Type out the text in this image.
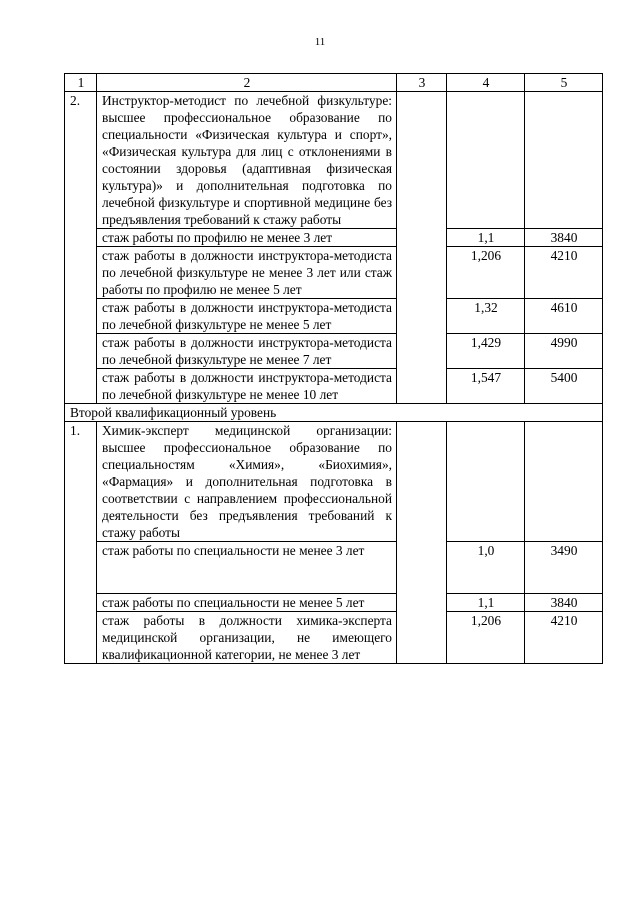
11
1	2	3	4	5
2.	Инструктор-методист по лечебной физкультуре: высшее профессиональное образование по специальности «Физическая культура и спорт», «Физическая культура для лиц с отклонениями в состоянии здоровья (адаптивная физическая культура)» и дополнительная подготовка по лечебной физкультуре и спортивной медицине без предъявления требований к стажу работы			
	стаж работы по профилю не менее 3 лет		1,1	3840
	стаж работы в должности инструктора-методиста по лечебной физкультуре не менее 3 лет или стаж работы по профилю не менее 5 лет		1,206	4210
	стаж работы в должности инструктора-методиста по лечебной физкультуре не менее 5 лет		1,32	4610
	стаж работы в должности инструктора-методиста по лечебной физкультуре не менее 7 лет		1,429	4990
	стаж работы в должности инструктора-методиста по лечебной физкультуре не менее 10 лет		1,547	5400
Второй квалификационный уровень				
1.	Химик-эксперт медицинской организации: высшее профессиональное образование по специальностям «Химия», «Биохимия», «Фармация» и дополнительная подготовка в соответствии с направлением профессиональной деятельности без предъявления требований к стажу работы			
	стаж работы по специальности не менее 3 лет		1,0	3490
	стаж работы по специальности не менее 5 лет		1,1	3840
	стаж работы в должности химика-эксперта медицинской организации, не имеющего квалификационной категории, не менее 3 лет		1,206	4210
